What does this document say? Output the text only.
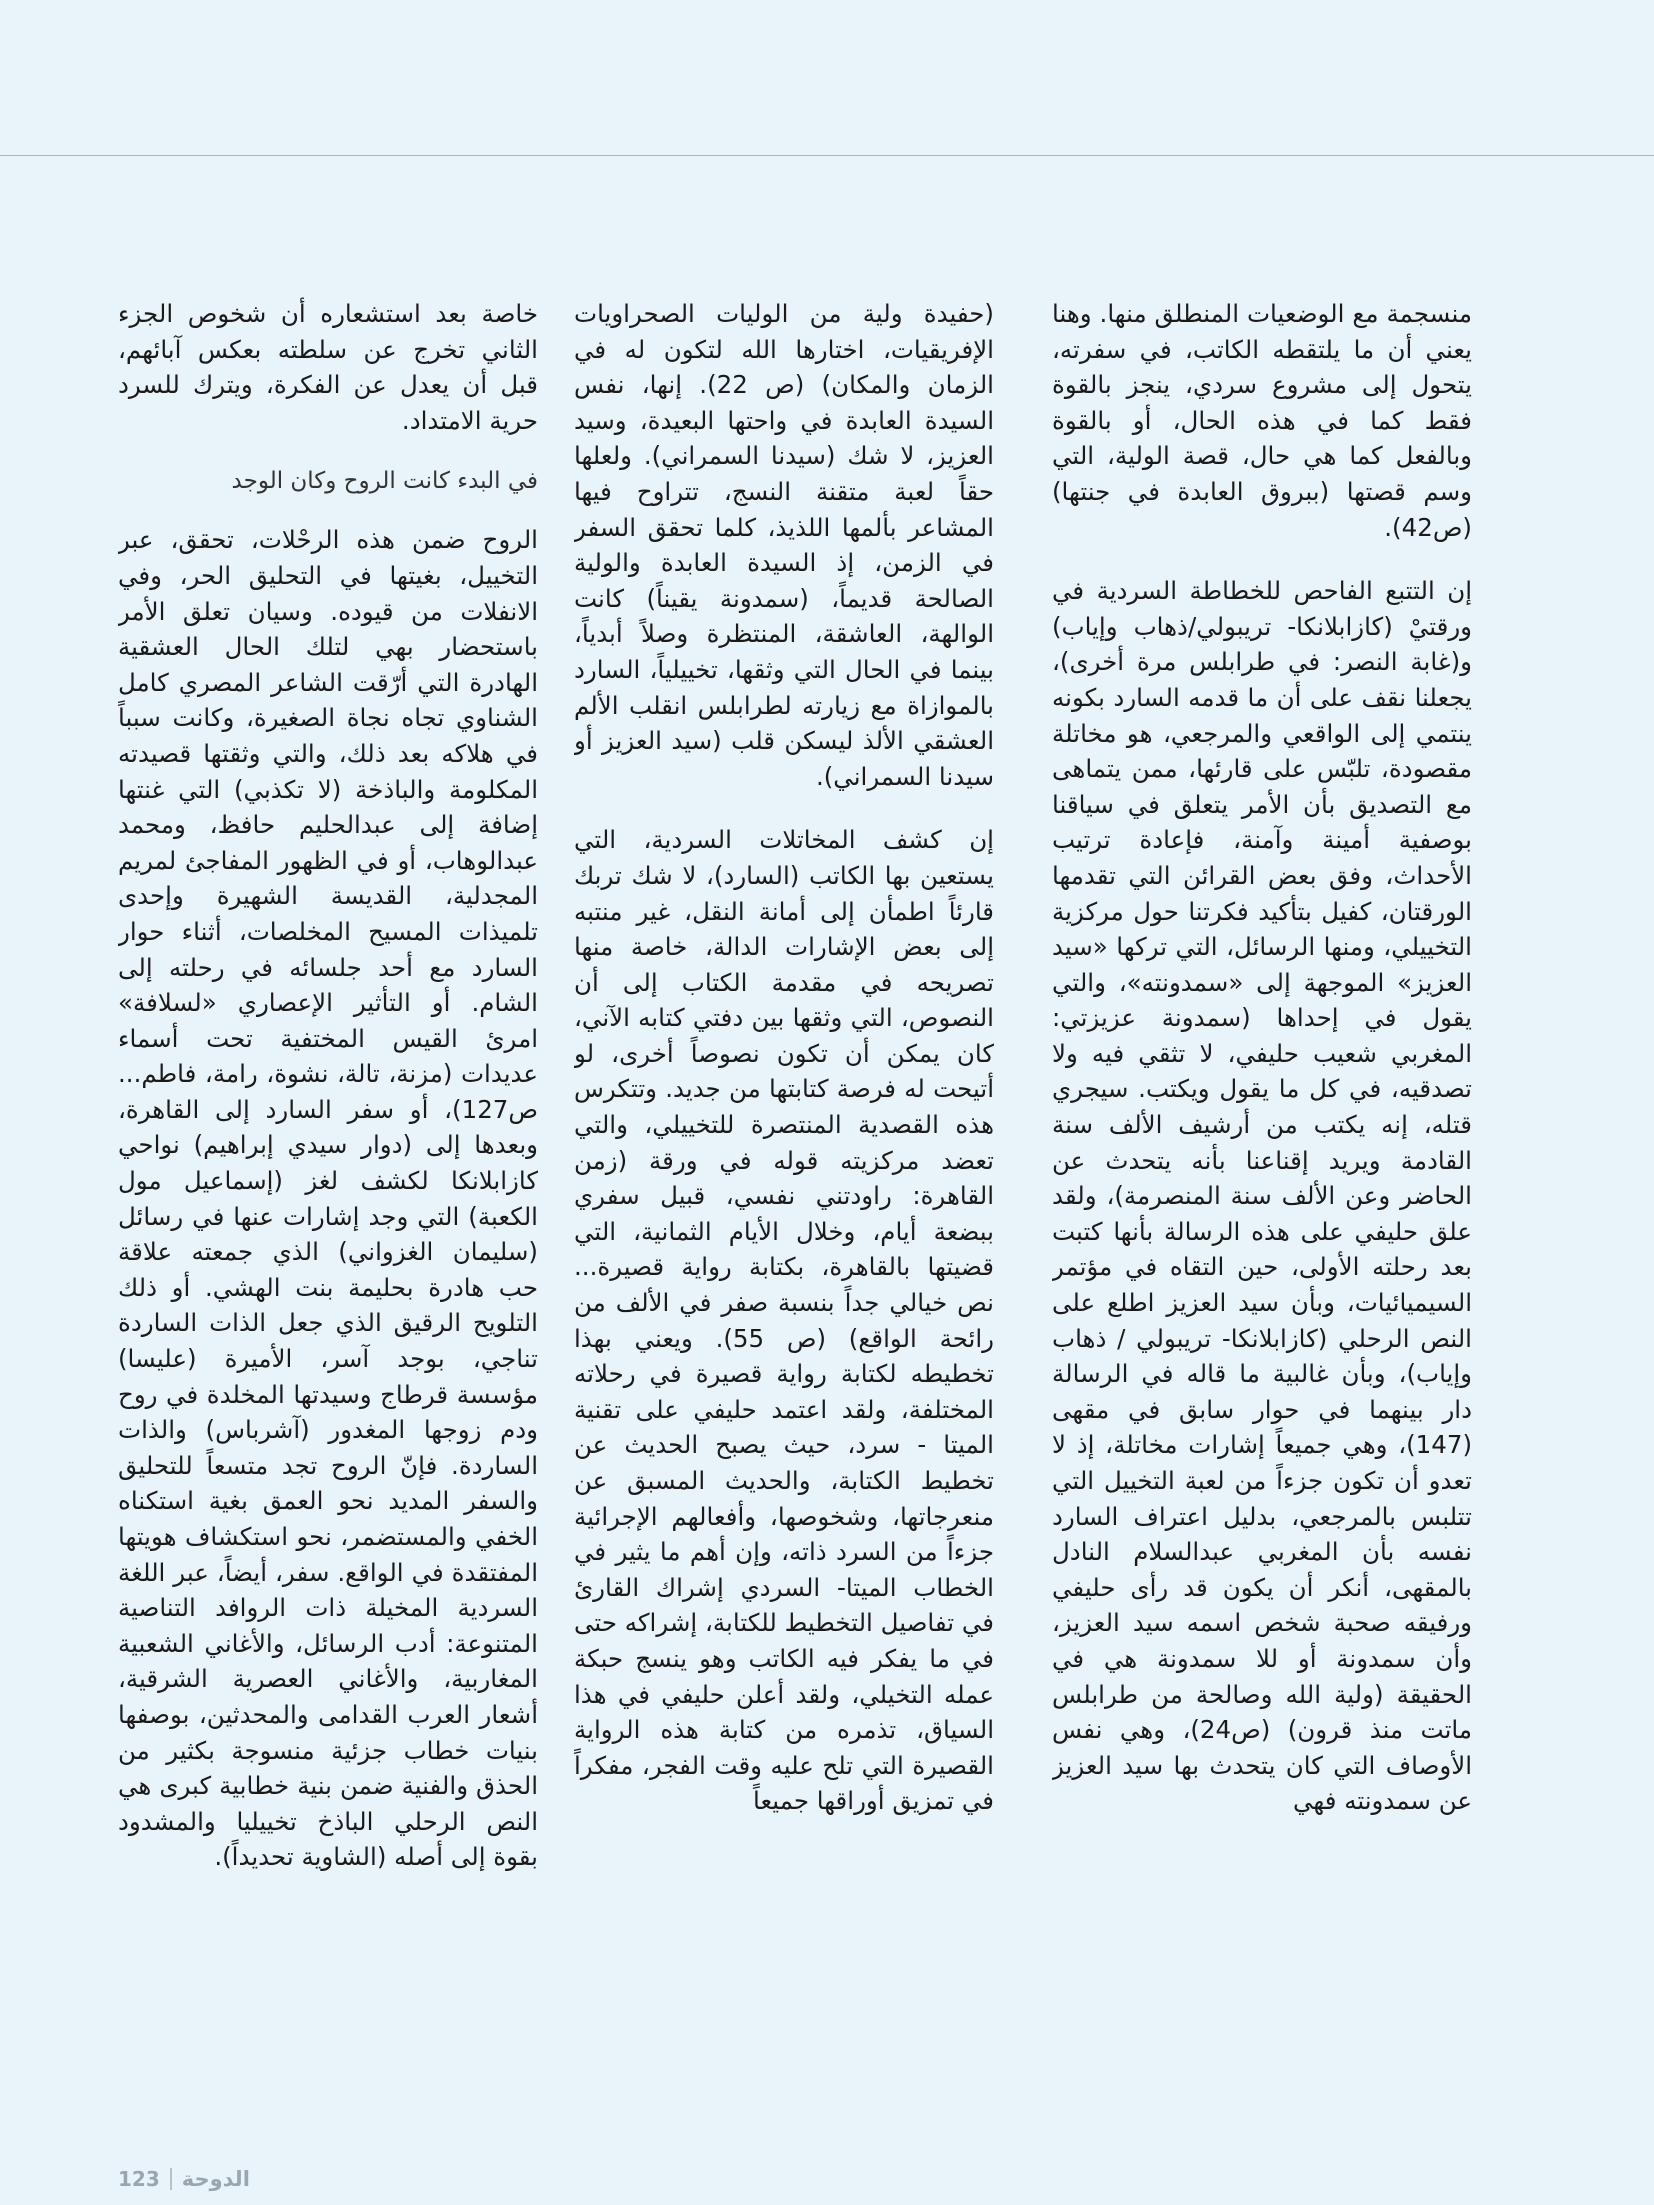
منسجمة مع الوضعيات المنطلق منها. وهنا يعني أن ما يلتقطه الكاتب، في سفرته، يتحول إلى مشروع سردي، ينجز بالقوة فقط كما في هذه الحال، أو بالقوة وبالفعل كما هي حال، قصة الولية، التي وسم قصتها (ببروق العابدة في جنتها) (ص42).

إن التتبع الفاحص للخطاطة السردية في ورقتيْ (كازابلانكا- تريبولي/ذهاب وإياب) و(غابة النصر: في طرابلس مرة أخرى)، يجعلنا نقف على أن ما قدمه السارد بكونه ينتمي إلى الواقعي والمرجعي، هو مخاتلة مقصودة، تلبّس على قارئها، ممن يتماهى مع التصديق بأن الأمر يتعلق في سياقنا بوصفية أمينة وآمنة، فإعادة ترتيب الأحداث، وفق بعض القرائن التي تقدمها الورقتان، كفيل بتأكيد فكرتنا حول مركزية التخييلي، ومنها الرسائل، التي تركها «سيد العزيز» الموجهة إلى «سمدونته»، والتي يقول في إحداها (سمدونة عزيزتي: المغربي شعيب حليفي، لا تثقي فيه ولا تصدقيه، في كل ما يقول ويكتب. سيجري قتله، إنه يكتب من أرشيف الألف سنة القادمة ويريد إقناعنا بأنه يتحدث عن الحاضر وعن الألف سنة المنصرمة)، ولقد علق حليفي على هذه الرسالة بأنها كتبت بعد رحلته الأولى، حين التقاه في مؤتمر السيميائيات، وبأن سيد العزيز اطلع على النص الرحلي (كازابلانكا- تريبولي / ذهاب وإياب)، وبأن غالبية ما قاله في الرسالة دار بينهما في حوار سابق في مقهى (147)، وهي جميعاً إشارات مخاتلة، إذ لا تعدو أن تكون جزءاً من لعبة التخييل التي تتلبس بالمرجعي، بدليل اعتراف السارد نفسه بأن المغربي عبدالسلام النادل بالمقهى، أنكر أن يكون قد رأى حليفي ورفيقه صحبة شخص اسمه سيد العزيز، وأن سمدونة أو للا سمدونة هي في الحقيقة (ولية الله وصالحة من طرابلس ماتت منذ قرون) (ص24)، وهي نفس الأوصاف التي كان يتحدث بها سيد العزيز عن سمدونته فهي

(حفيدة ولية من الوليات الصحراويات الإفريقيات، اختارها الله لتكون له في الزمان والمكان) (ص 22). إنها، نفس السيدة العابدة في واحتها البعيدة، وسيد العزيز، لا شك (سيدنا السمراني). ولعلها حقاً لعبة متقنة النسج، تتراوح فيها المشاعر بألمها اللذيذ، كلما تحقق السفر في الزمن، إذ السيدة العابدة والولية الصالحة قديماً، (سمدونة يقيناً) كانت الوالهة، العاشقة، المنتظرة وصلاً أبدياً، بينما في الحال التي وثقها، تخييلياً، السارد بالموازاة مع زيارته لطرابلس انقلب الألم العشقي الألذ ليسكن قلب (سيد العزيز أو سيدنا السمراني).

إن كشف المخاتلات السردية، التي يستعين بها الكاتب (السارد)، لا شك تربك قارئاً اطمأن إلى أمانة النقل، غير منتبه إلى بعض الإشارات الدالة، خاصة منها تصريحه في مقدمة الكتاب إلى أن النصوص، التي وثقها بين دفتي كتابه الآني، كان يمكن أن تكون نصوصاً أخرى، لو أتيحت له فرصة كتابتها من جديد. وتتكرس هذه القصدية المنتصرة للتخييلي، والتي تعضد مركزيته قوله في ورقة (زمن القاهرة: راودتني نفسي، قبيل سفري ببضعة أيام، وخلال الأيام الثمانية، التي قضيتها بالقاهرة، بكتابة رواية قصيرة... نص خيالي جداً بنسبة صفر في الألف من رائحة الواقع) (ص 55). ويعني بهذا تخطيطه لكتابة رواية قصيرة في رحلاته المختلفة، ولقد اعتمد حليفي على تقنية الميتا - سرد، حيث يصبح الحديث عن تخطيط الكتابة، والحديث المسبق عن منعرجاتها، وشخوصها، وأفعالهم الإجرائية جزءاً من السرد ذاته، وإن أهم ما يثير في الخطاب الميتا- السردي إشراك القارئ في تفاصيل التخطيط للكتابة، إشراكه حتى في ما يفكر فيه الكاتب وهو ينسج حبكة عمله التخيلي، ولقد أعلن حليفي في هذا السياق، تذمره من كتابة هذه الرواية القصيرة التي تلح عليه وقت الفجر، مفكراً في تمزيق أوراقها جميعاً

خاصة بعد استشعاره أن شخوص الجزء الثاني تخرج عن سلطته بعكس آبائهم، قبل أن يعدل عن الفكرة، ويترك للسرد حرية الامتداد.

في البدء كانت الروح وكان الوجد

الروح ضمن هذه الرحْلات، تحقق، عبر التخييل، بغيتها في التحليق الحر، وفي الانفلات من قيوده. وسيان تعلق الأمر باستحضار بهي لتلك الحال العشقية الهادرة التي أرّقت الشاعر المصري كامل الشناوي تجاه نجاة الصغيرة، وكانت سبباً في هلاكه بعد ذلك، والتي وثقتها قصيدته المكلومة والباذخة (لا تكذبي) التي غنتها إضافة إلى عبدالحليم حافظ، ومحمد عبدالوهاب، أو في الظهور المفاجئ لمريم المجدلية، القديسة الشهيرة وإحدى تلميذات المسيح المخلصات، أثناء حوار السارد مع أحد جلسائه في رحلته إلى الشام. أو التأثير الإعصاري «لسلافة» امرئ القيس المختفية تحت أسماء عديدات (مزنة، تالة، نشوة، رامة، فاطم... ص127)، أو سفر السارد إلى القاهرة، وبعدها إلى (دوار سيدي إبراهيم) نواحي كازابلانكا لكشف لغز (إسماعيل مول الكعبة) التي وجد إشارات عنها في رسائل (سليمان الغزواني) الذي جمعته علاقة حب هادرة بحليمة بنت الهشي. أو ذلك التلويح الرقيق الذي جعل الذات الساردة تناجي، بوجد آسر، الأميرة (عليسا) مؤسسة قرطاج وسيدتها المخلدة في روح ودم زوجها المغدور (آشرباس) والذات الساردة. فإنّ الروح تجد متسعاً للتحليق والسفر المديد نحو العمق بغية استكناه الخفي والمستضمر، نحو استكشاف هويتها المفتقدة في الواقع. سفر، أيضاً، عبر اللغة السردية المخيلة ذات الروافد التناصية المتنوعة: أدب الرسائل، والأغاني الشعبية المغاربية، والأغاني العصرية الشرقية، أشعار العرب القدامى والمحدثين، بوصفها بنيات خطاب جزئية منسوجة بكثير من الحذق والفنية ضمن بنية خطابية كبرى هي النص الرحلي الباذخ تخييليا والمشدود بقوة إلى أصله (الشاوية تحديداً).

123 الدوحة
